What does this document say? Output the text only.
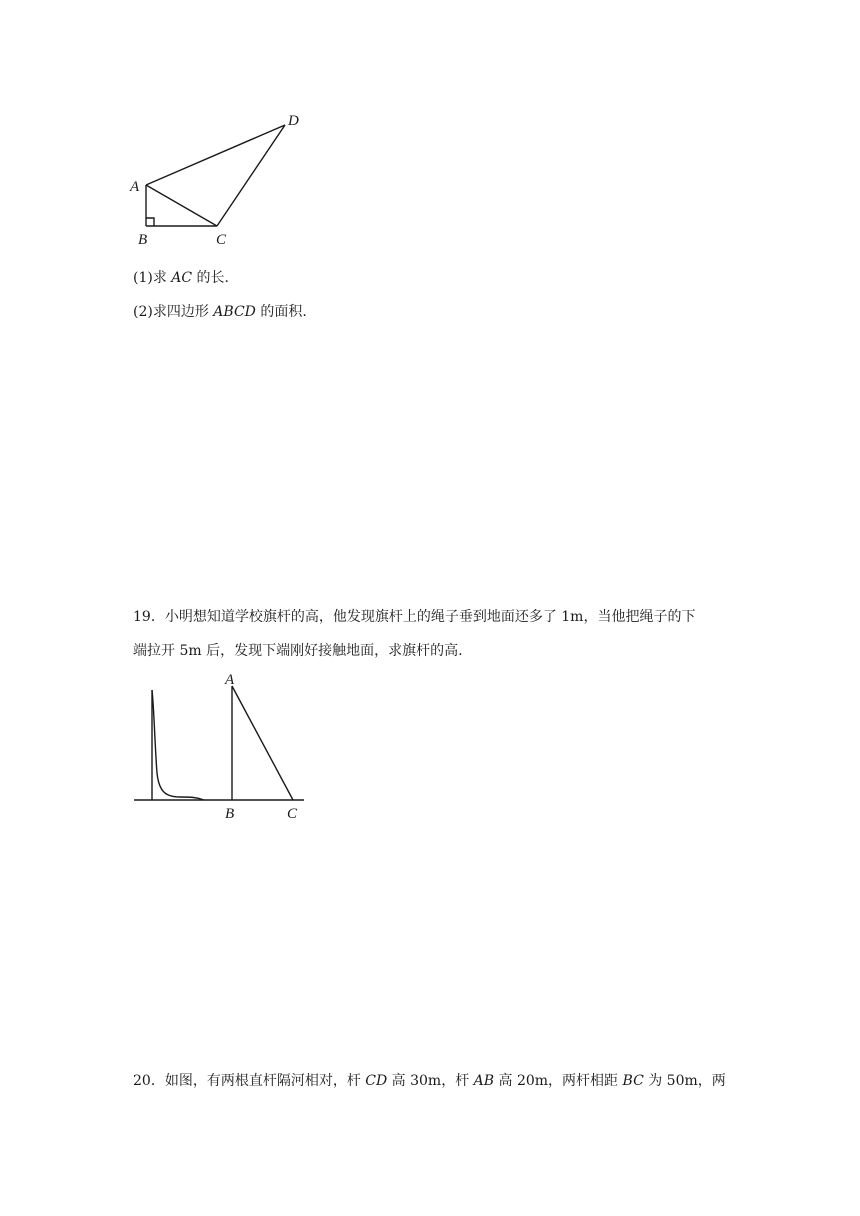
A
B	C
D
(1)求 AC 的长.
(2)求四边形 ABCD 的面积.
19．小明想知道学校旗杆的高，他发现旗杆上的绳子垂到地面还多了 1m，当他把绳子的下
端拉开 5m 后，发现下端刚好接触地面，求旗杆的高.
A
B	C
20．如图，有两根直杆隔河相对，杆 CD 高 30m，杆 AB 高 20m，两杆相距 BC 为 50m，两
